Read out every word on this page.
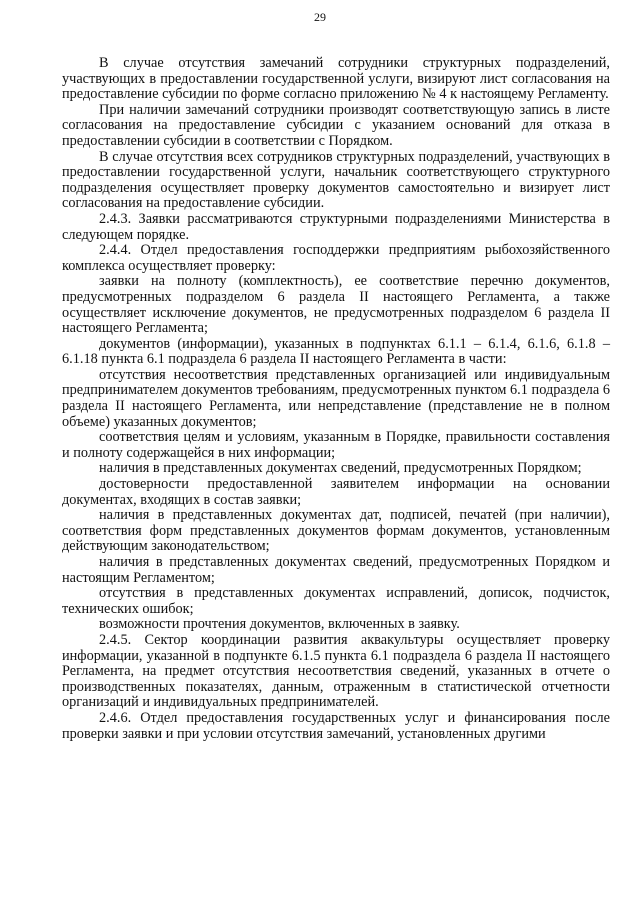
29

В случае отсутствия замечаний сотрудники структурных подразделений, участвующих в предоставлении государственной услуги, визируют лист согласования на предоставление субсидии по форме согласно приложению № 4 к настоящему Регламенту.

При наличии замечаний сотрудники производят соответствующую запись в листе согласования на предоставление субсидии с указанием оснований для отказа в предоставлении субсидии в соответствии с Порядком.

В случае отсутствия всех сотрудников структурных подразделений, участвующих в предоставлении государственной услуги, начальник соответствующего структурного подразделения осуществляет проверку документов самостоятельно и визирует лист согласования на предоставление субсидии.

2.4.3. Заявки рассматриваются структурными подразделениями Министерства в следующем порядке.

2.4.4. Отдел предоставления господдержки предприятиям рыбохозяйственного комплекса осуществляет проверку:

заявки на полноту (комплектность), ее соответствие перечню документов, предусмотренных подразделом 6 раздела II настоящего Регламента, а также осуществляет исключение документов, не предусмотренных подразделом 6 раздела II настоящего Регламента;

документов (информации), указанных в подпунктах 6.1.1 – 6.1.4, 6.1.6, 6.1.8 – 6.1.18 пункта 6.1 подраздела 6 раздела II настоящего Регламента в части:

отсутствия несоответствия представленных организацией или индивидуальным предпринимателем документов требованиям, предусмотренных пунктом 6.1 подраздела 6 раздела II настоящего Регламента, или непредставление (представление не в полном объеме) указанных документов;

соответствия целям и условиям, указанным в Порядке, правильности составления и полноту содержащейся в них информации;

наличия в представленных документах сведений, предусмотренных Порядком;

достоверности предоставленной заявителем информации на основании документах, входящих в состав заявки;

наличия в представленных документах дат, подписей, печатей (при наличии), соответствия форм представленных документов формам документов, установленным действующим законодательством;

наличия в представленных документах сведений, предусмотренных Порядком и настоящим Регламентом;

отсутствия в представленных документах исправлений, дописок, подчисток, технических ошибок;

возможности прочтения документов, включенных в заявку.

2.4.5. Сектор координации развития аквакультуры осуществляет проверку информации, указанной в подпункте 6.1.5 пункта 6.1 подраздела 6 раздела II настоящего Регламента, на предмет отсутствия несоответствия сведений, указанных в отчете о производственных показателях, данным, отраженным в статистической отчетности организаций и индивидуальных предпринимателей.

2.4.6. Отдел предоставления государственных услуг и финансирования после проверки заявки и при условии отсутствия замечаний, установленных другими
